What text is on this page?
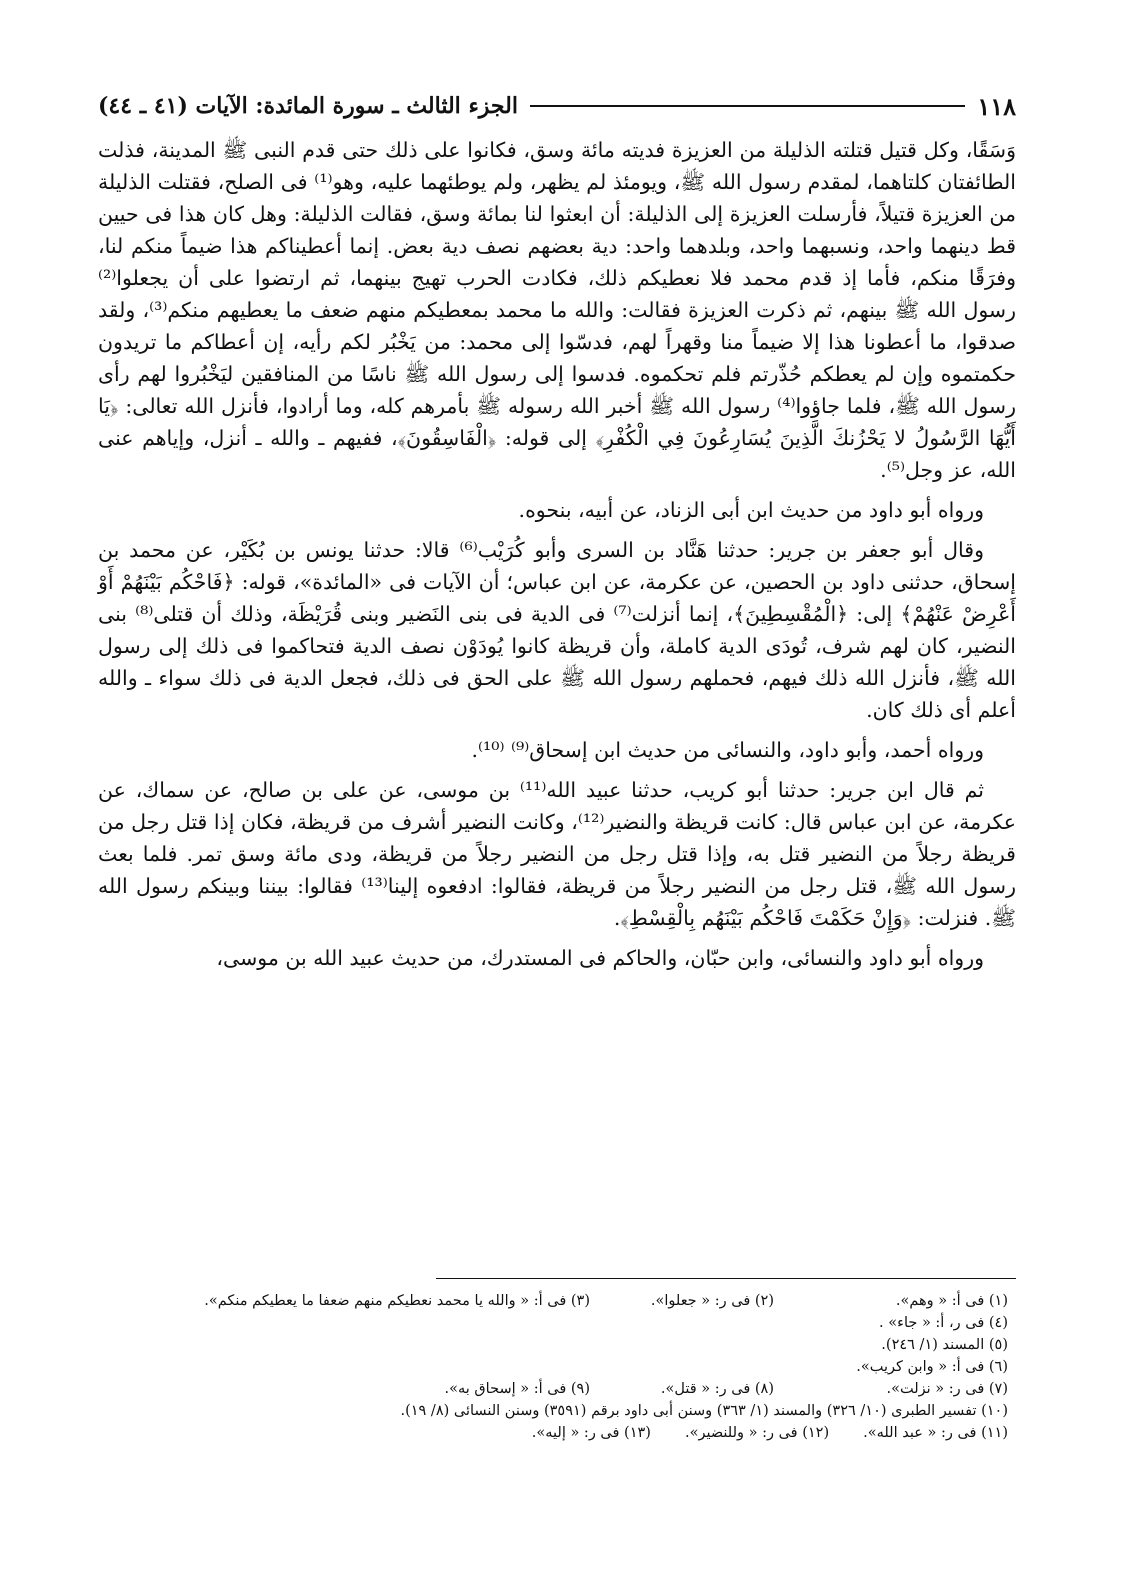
١١٨
الجزء الثالث ـ سورة المائدة: الآيات (٤١ ـ ٤٤)

وَسَقًا، وكل قتيل قتلته الذليلة من العزيزة فديته مائة وسق، فكانوا على ذلك حتى قدم النبى ﷺ المدينة، فذلت الطائفتان كلتاهما، لمقدم رسول الله ﷺ، ويومئذ لم يظهر، ولم يوطئهما عليه، وهو⁽¹⁾ فى الصلح، فقتلت الذليلة من العزيزة قتيلاً، فأرسلت العزيزة إلى الذليلة: أن ابعثوا لنا بمائة وسق، فقالت الذليلة: وهل كان هذا فى حيين قط دينهما واحد، ونسبهما واحد، وبلدهما واحد: دية بعضهم نصف دية بعض. إنما أعطيناكم هذا ضيماً منكم لنا، وفرَقًا منكم، فأما إذ قدم محمد فلا نعطيكم ذلك، فكادت الحرب تهيج بينهما، ثم ارتضوا على أن يجعلوا⁽²⁾ رسول الله ﷺ بينهم، ثم ذكرت العزيزة فقالت: والله ما محمد بمعطيكم منهم ضعف ما يعطيهم منكم⁽³⁾، ولقد صدقوا، ما أعطونا هذا إلا ضيماً منا وقهراً لهم، فدسّوا إلى محمد: من يَخْبُر لكم رأيه، إن أعطاكم ما تريدون حكمتموه وإن لم يعطكم حُذّرتم فلم تحكموه. فدسوا إلى رسول الله ﷺ ناسًا من المنافقين ليَخْبُروا لهم رأى رسول الله ﷺ، فلما جاؤوا⁽⁴⁾ رسول الله ﷺ أخبر الله رسوله ﷺ بأمرهم كله، وما أرادوا، فأنزل الله تعالى: ﴿يَا أَيُّهَا الرَّسُولُ لا يَحْزُنكَ الَّذِينَ يُسَارِعُونَ فِي الْكُفْرِ﴾ إلى قوله: ﴿الْفَاسِقُونَ﴾، ففيهم ـ والله ـ أنزل، وإياهم عنى الله، عز وجل⁽⁵⁾.

ورواه أبو داود من حديث ابن أبى الزناد، عن أبيه، بنحوه.

وقال أبو جعفر بن جرير: حدثنا هَنَّاد بن السرى وأبو كُرَيْب⁽⁶⁾ قالا: حدثنا يونس بن بُكَيْر، عن محمد بن إسحاق، حدثنى داود بن الحصين، عن عكرمة، عن ابن عباس؛ أن الآيات فى «المائدة»، قوله: ﴿فَاحْكُم بَيْنَهُمْ أَوْ أَعْرِضْ عَنْهُمْ﴾ إلى: ﴿الْمُقْسِطِينَ﴾، إنما أنزلت⁽⁷⁾ فى الدية فى بنى النَضير وبنى قُرَيْظَة، وذلك أن قتلى⁽⁸⁾ بنى النضير، كان لهم شرف، تُودَى الدية كاملة، وأن قريظة كانوا يُودَوْن نصف الدية فتحاكموا فى ذلك إلى رسول الله ﷺ، فأنزل الله ذلك فيهم، فحملهم رسول الله ﷺ على الحق فى ذلك، فجعل الدية فى ذلك سواء ـ والله أعلم أى ذلك كان.

ورواه أحمد، وأبو داود، والنسائى من حديث ابن إسحاق⁽⁹⁾ ⁽¹⁰⁾.

ثم قال ابن جرير: حدثنا أبو كريب، حدثنا عبيد الله⁽¹¹⁾ بن موسى، عن على بن صالح، عن سماك، عن عكرمة، عن ابن عباس قال: كانت قريظة والنضير⁽¹²⁾، وكانت النضير أشرف من قريظة، فكان إذا قتل رجل من قريظة رجلاً من النضير قتل به، وإذا قتل رجل من النضير رجلاً من قريظة، ودى مائة وسق تمر. فلما بعث رسول الله ﷺ، قتل رجل من النضير رجلاً من قريظة، فقالوا: ادفعوه إلينا⁽¹³⁾ فقالوا: بيننا وبينكم رسول الله ﷺ. فنزلت: ﴿وَإِنْ حَكَمْتَ فَاحْكُم بَيْنَهُم بِالْقِسْطِ﴾.

ورواه أبو داود والنسائى، وابن حبّان، والحاكم فى المستدرك، من حديث عبيد الله بن موسى،

(١) فى أ: « وهم».
(٢) فى ر: « جعلوا».
(٣) فى أ: « والله يا محمد نعطيكم منهم ضعفا ما يعطيكم منكم».
(٤) فى ر، أ: « جاء» .
(٥) المسند (١/ ٢٤٦).
(٦) فى أ: « وابن كريب».
(٧) فى ر: « نزلت».
(٨) فى ر: « قتل».
(٩) فى أ: « إسحاق به».
(١٠) تفسير الطبرى (١٠/ ٣٢٦) والمسند (١/ ٣٦٣) وسنن أبى داود برقم (٣٥٩١) وسنن النسائى (٨/ ١٩).
(١١) فى ر: « عبد الله».
(١٢) فى ر: « وللنضير».
(١٣) فى ر: « إليه».
